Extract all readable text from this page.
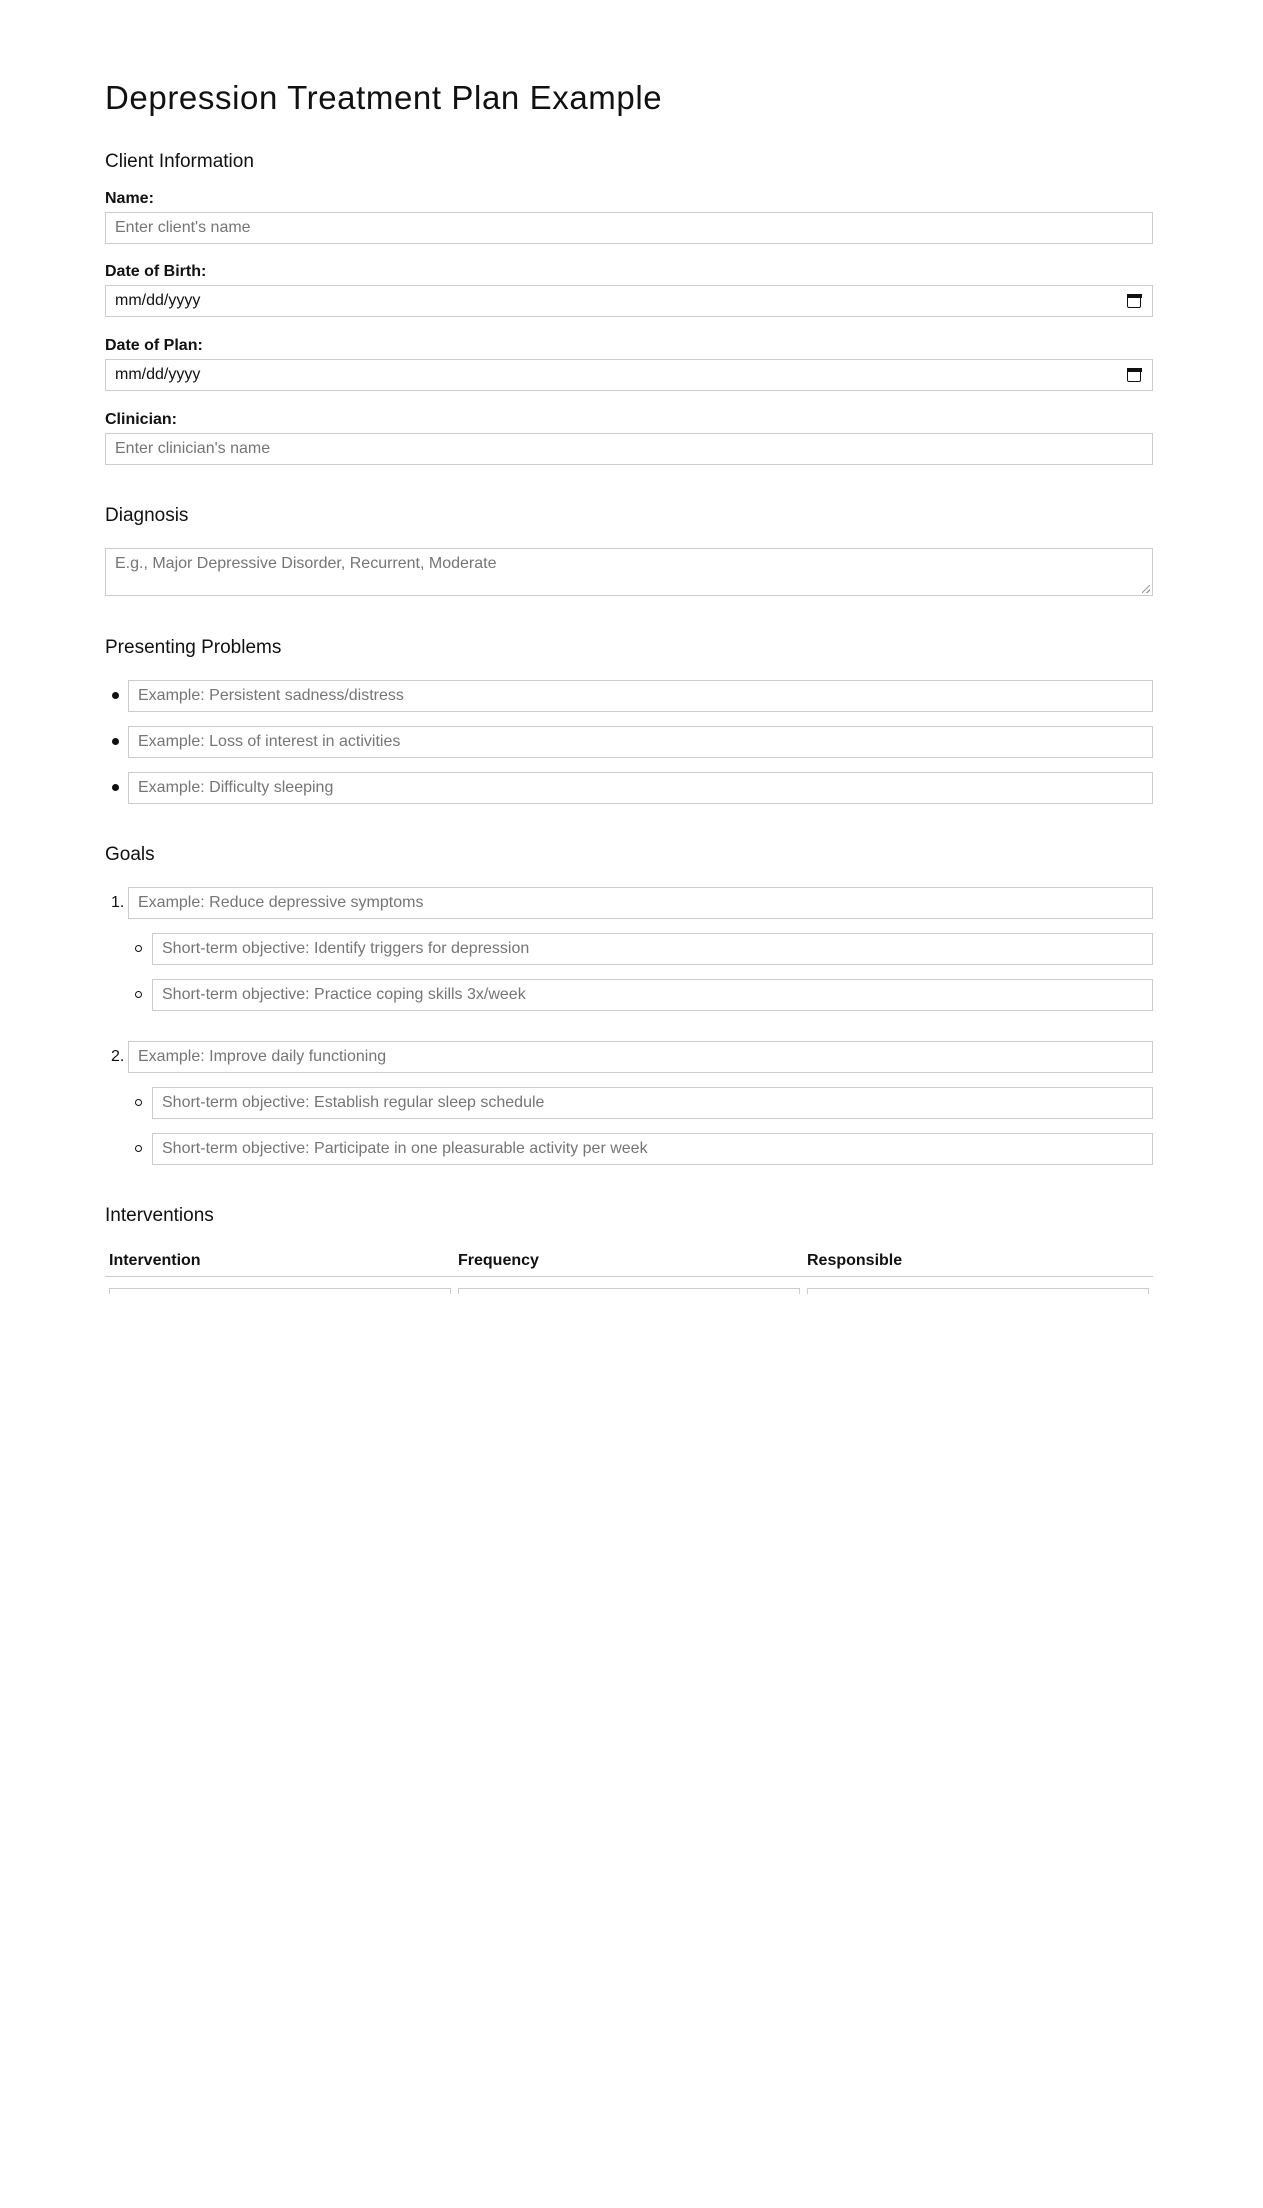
Depression Treatment Plan Example
Client Information
Name:
Enter client's name
Date of Birth:
mm/dd/yyyy
Date of Plan:
mm/dd/yyyy
Clinician:
Enter clinician's name
Diagnosis
E.g., Major Depressive Disorder, Recurrent, Moderate
Presenting Problems
Example: Persistent sadness/distress
Example: Loss of interest in activities
Example: Difficulty sleeping
Goals
1. Example: Reduce depressive symptoms
Short-term objective: Identify triggers for depression
Short-term objective: Practice coping skills 3x/week
2. Example: Improve daily functioning
Short-term objective: Establish regular sleep schedule
Short-term objective: Participate in one pleasurable activity per week
Interventions
Intervention	Frequency	Responsible
